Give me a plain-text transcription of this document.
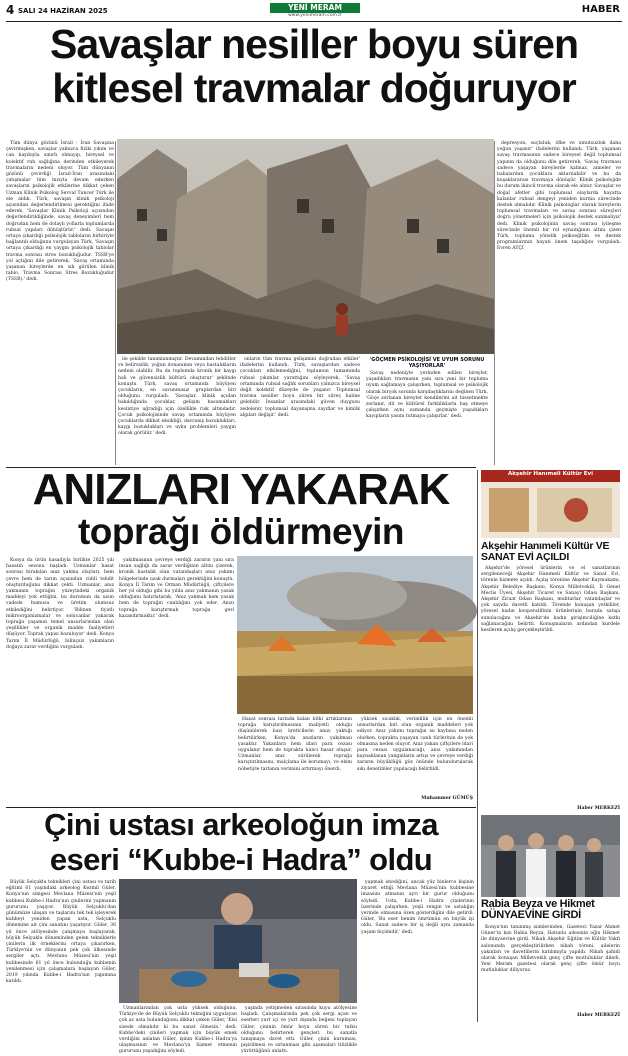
4 SALI 24 HAZİRAN 2025	YENİ MERAM
www.yenimeram.com.tr
HABER
Savaşlar nesiller boyu süren
kitlesel travmalar doğuruyor

Tüm dünya gözünü İsrail - İran Savaşına çevirmişken, savaşlar yalnızca fiziki yıkım ve can kayıbıyla sınırlı olmayıp, bireysel ve kolektif ruh sağlığına derinden etkileyerek travmaların nedeni oluyor. Tüm dünyanın gözünü çevirdiği İsrail-İran arasındaki çatışmalar tüm hızıyla devam ederken savaşların psikolojik etkilerine dikkat çeken Uzman Klinik Psikolog Sevval Tuncer Türk ile ele aldık. Türk, savaşın klinik psikoloji açısından değerlendirilmesi gerektiğini ifade ederek, 'Savaşlar Klinik Psikoloji açısından değerlendirildiğinde, savaş deneyimleri hem doğrudan hem de dolaylı yollarla toplumlarda ruhsal yapıları dönüştürür.' dedi. Savaşın ortaya çıkardığı psikolojik tabloların birbiriyle bağlantılı olduğunu vurgulayan Türk, 'Savaşın ortaya çıkardığı en yaygın psikolojik tablolar travma sonrası stres bozukluğudur. TSSB'ye yol açtığını dile getirerek, 'Savaş ortamında yaşanan bireylerde en sık görülen klinik tablo, Travma Sonrası Stres Bozukluğudur (TSSB).' dedi.

ile şekilde tanımlanmıştır. Devamından tehditler ve belirsizlik, yoğun donanımın veya hastalıkların nedeni olabilir. Bu da toplumda kronik bir kaygı hali ve güvensizlik kültürü oluşturur' şeklinde konuştu Türk, savaş ortamında büyüyen çocukların, en savunmasız gruplardan biri olduğunu vurguladı. 'Savaşlar, klinik açıdan bakıldığında çocuklar, gelişim basamakları kesintiye uğradığı için özellikle risk altındadır. Çocuk psikolojisinde savaş ortamında büyüyen çocuklarda dikkat eksikliği, davranış bozuklukları, kaygı bozuklukları ve uyku problemleri yaygın olarak görülür.' dedi.

onların tüm travma gelişimini doğrudan etkiler' ifadelerini kullandı. Türk, savaşlardan sadece çocukları etkilemediğini, toplumun tamamında ruhsal yıkımlar yarattığını söyleyerek, 'Savaş ortamında ruhsal sağlık sorunları yalnızca bireysel değil kolektif düzeyde de yaşanır. Toplumsal travma nesiller boyu süren bir süreç haline gelebilir. İnsanlar arasındaki güven duygusu zedelenir, toplumsal dayanışma zayıflar ve kimlik algıları değişir.' dedi.

'GÖÇMEN PSİKOLOJİSİ VE UYUM SORUNU YAŞIYORLAR'

Savaş nedeniyle yerinden edilen bireyler, yaşadıkları travmanın yanı sıra yeni bir topluma uyum sağlamaya çalışırken, toplumsal ve psikolojik olarak birçok sorunla karşılaştıklarını değinen Türk, 'Göçe zorlanan bireyler kendilerini ait hissetmekte zorlanır, dil ve kültürel farklılıklarla baş etmeye çalışırken aynı zamanda geçmişte yaşadıkları kayıpların yasını tutmaya çalışırlar.' dedi.

depresyon, suçluluk, öfke ve umutsuzluk daha yoğun yaşanır' ifadelerini kullandı. Türk, yaşanan savaş travmasının sadece bireysel değil toplumsal yapının da olduğunu dile getirerek, 'Savaş travması sadece yaşayan bireylerde kalmaz, anneler ve babalardan çocuklara aktarılabilir ve bu da kuşaklararası travmaya dönüşür. Klinik psikolojide bu durum ikincil travma olarak ele alınır. Savaşlar ve doğal afetler gibi toplumsal olaylarda hayatta kalanlar ruhsal dengeyi yeniden kurma sürecinde destek almalıdır. Klinik psikologlar olarak bireylerin toplumsal travmaları ve savaş sonrası süreçleri doğru yönetmeleri için psikolojik destek sunmalıyız' dedi. Klinik psikolojinin savaş sonrası iyileşme sürecinde önemli bir rol oynadığının altını çizen Türk, topluma yönelik psikoeğitim ve destek programlarının hayati önem taşıdığını vurguladı. Evren ATÇI

ANIZLARI YAKARAK
toprağı öldürmeyin

Konya da ürün hasadıyla birlikte 2025 yılı hasatın sezonu başladı. Uzmanlar hasat sonrası birakılan anız yakma olayları, hem çevre hem de tarım açısından ciddi tehdit oluşturduğunu dikkat çekti. Uzmanlar, anız yakmanın toprağın yüzeyindeki organik maddeyi yok ettiğini, bu durumun da uzun vadede humusa ve üretim olumsuz etkilediğini belirtiyor. 'Bilinen fiyatlı mikroorganizmalar ve solucanlar yakarak toprağa yaşamın temel unsurlarından olan yeşillikler ve organik madde faaliyetleri düşüyor. Toprak yapısı bozuluyor' dedi. Konya Tarım İl Müdürlüğü, bilinçsiz yakımların doğaya zarar verdiğini vurguladı.

yakılmasının çevreye verdiği zararın yanı sıra insan sağlığı da zarar verdiğinin altını çizerek, kronik hastalık olan vatandaşları anız yakımı bölgelerinde uzak durmaları gerektiğini konuştu. Konya İl Tarım ve Orman Müdürlüğü, çiftçilere her yıl olduğu gibi bu yılda anız yakmanın yasak olduğunu hatırlatarak, 'Anız yakmak hem yasak hem de toprağın canlılığını yok eder. Anızı toprağa karıştırmak toprağa geri kazandırmaktır.' dedi.

Hasat sonrası tarlada kalan bitki artıklarının toprağa karıştırılmasının maliyetli olduğu düşünülerek bazı üreticilerin anızı yaktığı belirtilirken, Konya'da anızların yakılması yasaktır. Yakanlara hem idari para cezası uygulanır hem de toprakta kalıcı hasar oluşur. Uzmanlar, anız sürülerek toprağa karıştırılmasını, malçlama ile korumayı, ve ekim nöbetiyle tarlanın verimini artırmayı önerdi.

yüksek sıcaklık, verimlilik için en önemli unsurlardan biri olan organik maddeleri yok ediyor. Anız yakımı toprağın ısı kaybına neden olurken, toprakta yaşayan canlı türlerinin de yok olmasına neden oluyor. Anız yakan çiftçilere idari para cezası uygulanacağı, anız yakımından kaynaklanan yangınların artışı ve çevreye verdiği zararın büyüklüğü göz önünde bulundurularak sıkı denetimler yapılacağı belirtildi.

Muhammer GÜMÜŞ
Çini ustası arkeoloğun imza
eseri “Kubbe-i Hadra” oldu

Büyük Selçuklu teknikleri çini ustası ve tarih eğitimi 61 yaşındaki arkeolog Kezmil Güler, Konya'nın simgesi Mevlana Müzesi'nin yeşil kubbesi Kubbe-i Hadra'nın çinilerini yapmanın gururunu yaşıyor. Büyük Selçuklu'dan günümüze ulaşan ve taşlarını tek tek işleyerek kubbeyi yeniden yapan usta, Selçuklu dönemine ait çini sanatını yaşatıyor. Güler, 36 yıl önce atölyesinde çalışmaya başlayarak, büyük Selçuklu döneminden gelen tekniklerle çinilerin ilk örneklerini ortaya çıkarırken, Türkiye'nin ve dünyanın pek çok ülkesinde sergiler açtı. Mevlana Müzesi'nin yeşil kubbesinde 61 yıl önce bulunduğu kubbenin yenilenmesi için çalışmalara başlayan Güler, 2019 yılında Kubbe-i Hadra'nın yapımına katıldı.

Uzmanlarından çok usta yüksek olduğunu, Türkiye'de de Büyük Selçuklu tekniğini uygulayan çok az usta bulunduğunu dikkat çeken Güler, 'Kisi sizede olmalıdır ki bu sanat ölmesin.' dedi. Kubbe'deki çinileri yapmak için büyük emek verdiğini anlatan Güler, işinin Kubbe-i Hadra'ya ulaşmasının ve Mevlana'ya hizmet etmenin gururunu yaşadığını söyledi.

yaşında yetişmeden sırasında kuyu atölyesine başladı. Çalışmalarında pek çok sergi açan ve eserleri yurt içi ve yurt dışında beğeni toplayan Güler, çininin ömür boyu süren bir tutku olduğunu belirterek gençleri bu sanatla tanışmaya davet etti. Güler, çinin kuruması, pişirilmesi ve sırlanması gibi aşamaları titizlikle yürüttüğünü anlattı.

yapmak istediğini, ancak yüz binlerce kişinin ziyaret ettiği Mevlana Müzesi'nin kubbesine imzasını atmanın ayrı bir gurur olduğunu söyledi. Usta, Kubbe-i Hadra çinilerinin üzerinde çalışırken, yeşil rengin ve ustalığın yerinde olmasına özen gösterdiğini dile getirdi. Güler, 'Bu eser benim ömrümün en büyük işi oldu. Sanat sadece bir iş değil aynı zamanda yaşam biçimidir.' dedi.

Akşehir Hanımeli Kültür Evi
Akşehir Hanımeli Kültür VE SANAT EVİ AÇILDI

Akşehir'de yöresel ürünlerin ve el sanatlarının sergileneceği Akşehir Hanımeli Kültür ve Sanat Evi, törenle hizmete açıldı. Açılış törenine Akşehir Kaymakamı, Akşehir Belediye Başkanı, Konya Milletvekili, İl Genel Meclis Üyesi, Akşehir Ticaret ve Sanayi Odası Başkanı, Akşehir Ziraat Odası Başkanı, muhtarlar, vatandaşlar ve çok sayıda davetli katıldı. Törende konuşan yetkililer, yöresel kadın kooperatifinin ürünlerinin burada satışa sunulacağını ve Akşehir'de kadın girişimciliğine katkı sağlanacağını belirtti. Konuşmaların ardından kurdele kesilerek açılış gerçekleştirildi.

Haber MERKEZİ
Rabia Beyza ve Hikmet DÜNYAEVİNE GİRDİ

Konya'nın tanınmış isimlerinden, Gazeteci Yazar Ahmet Güner'in kızı Rabia Beyza, Hatunlu ailesinin oğlu Hikmet ile dünyaevine girdi. Nikah Akşehir Eğitim ve Kültür Vakfı salonunda gerçekleştirilirken nikah töreni, ailelerin yakınları ve davetlilerin katılımıyla yapıldı. Nikah şahidi olarak konuşan Milletvekili genç çifte mutluluklar diledi. Yeni Meram gazetesi olarak genç çifte ömür boyu mutluluklar diliyoruz.

Haber MERKEZİ
